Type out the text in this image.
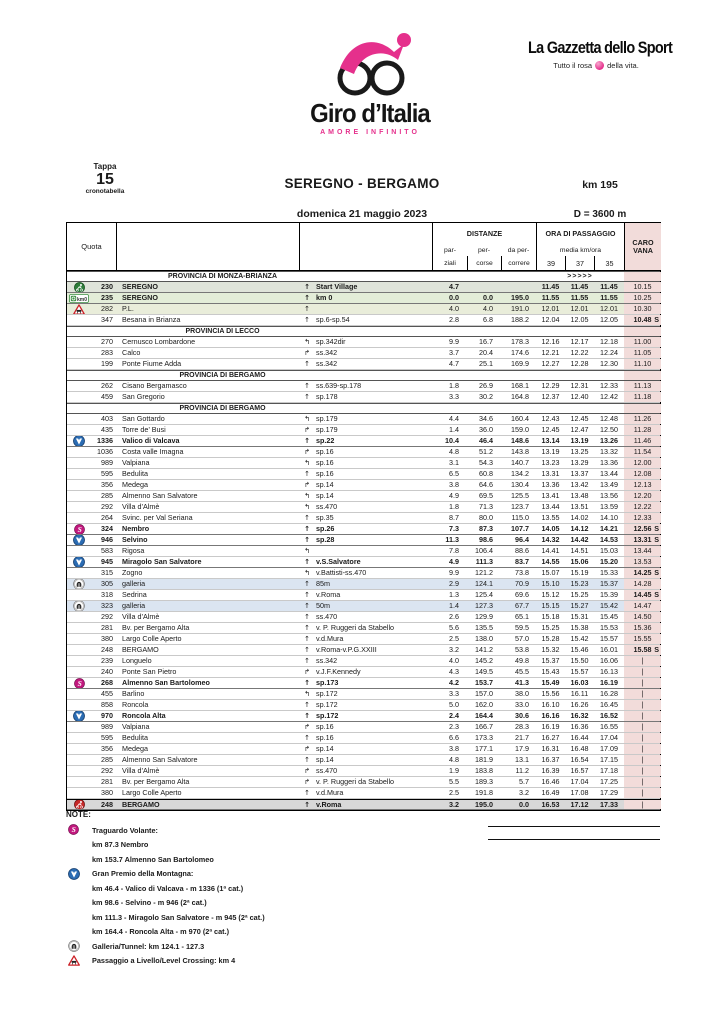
Giro d’Italia
AMORE INFINITO
La Gazzetta dello Sport
Tutto il rosa della vita.
Tappa
15
cronotabella
SEREGNO - BERGAMO
domenica 21 maggio 2023
km 195
D = 3600 m
Quota
DISTANZE
par-	per-	da per-
ziali	corse	correre
ORA DI PASSAGGIO
media km/ora
39	37	35
CARO
VANA
PROVINCIA DI MONZA-BRIANZA	>>>>>
230	SEREGNO	↑ Start Village	4.7	11.45	11.45	11.45	10.15
km0	235	SEREGNO	↑ km 0	0.0	0.0	195.0	11.55	11.55	11.55	10.25
282	P.L.	↑	4.0	4.0	191.0	12.01	12.01	12.01	10.30
347	Besana in Brianza	↑ sp.6-sp.54	2.8	6.8	188.2	12.04	12.05	12.05	10.48 S
PROVINCIA DI LECCO
270	Cernusco Lombardone	↰ sp.342dir	9.9	16.7	178.3	12.16	12.17	12.18	11.00
283	Calco	↱ ss.342	3.7	20.4	174.6	12.21	12.22	12.24	11.05
199	Ponte Fiume Adda	↑ ss.342	4.7	25.1	169.9	12.27	12.28	12.30	11.10
PROVINCIA DI BERGAMO
262	Cisano Bergamasco	↑ ss.639-sp.178	1.8	26.9	168.1	12.29	12.31	12.33	11.13
459	San Gregorio	↑ sp.178	3.3	30.2	164.8	12.37	12.40	12.42	11.18
PROVINCIA DI BERGAMO
403	San Gottardo	↰ sp.179	4.4	34.6	160.4	12.43	12.45	12.48	11.26
435	Torre de’ Busi	↱ sp.179	1.4	36.0	159.0	12.45	12.47	12.50	11.28
1336	Valico di Valcava	↑ sp.22	10.4	46.4	148.6	13.14	13.19	13.26	11.46
1036	Costa valle Imagna	↱ sp.16	4.8	51.2	143.8	13.19	13.25	13.32	11.54
989	Valpiana	↰ sp.16	3.1	54.3	140.7	13.23	13.29	13.36	12.00
595	Bedulita	↑ sp.16	6.5	60.8	134.2	13.31	13.37	13.44	12.08
356	Medega	↱ sp.14	3.8	64.6	130.4	13.36	13.42	13.49	12.13
285	Almenno San Salvatore	↰ sp.14	4.9	69.5	125.5	13.41	13.48	13.56	12.20
292	Villa d’Almè	↰ ss.470	1.8	71.3	123.7	13.44	13.51	13.59	12.22
264	Svinc. per Val Seriana	↑ sp.35	8.7	80.0	115.0	13.55	14.02	14.10	12.33
S	324	Nembro	↑ sp.26	7.3	87.3	107.7	14.05	14.12	14.21	12.56 S
946	Selvino	↑ sp.28	11.3	98.6	96.4	14.32	14.42	14.53	13.31 S
583	Rigosa	↰	7.8	106.4	88.6	14.41	14.51	15.03	13.44
945	Miragolo San Salvatore	↑ v.S.Salvatore	4.9	111.3	83.7	14.55	15.06	15.20	13.53
315	Zogno	↰ v.Battisti-ss.470	9.9	121.2	73.8	15.07	15.19	15.33	14.25 S
305	galleria	↑ 85m	2.9	124.1	70.9	15.10	15.23	15.37	14.28
318	Sedrina	↑ v.Roma	1.3	125.4	69.6	15.12	15.25	15.39	14.45 S
323	galleria	↑ 50m	1.4	127.3	67.7	15.15	15.27	15.42	14.47
292	Villa d’Almè	↑ ss.470	2.6	129.9	65.1	15.18	15.31	15.45	14.50
281	Bv. per Bergamo Alta	↑ v. P. Ruggeri da Stabello	5.6	135.5	59.5	15.25	15.38	15.53	15.36
380	Largo Colle Aperto	↑ v.d.Mura	2.5	138.0	57.0	15.28	15.42	15.57	15.55
248	BERGAMO	↑ v.Roma-v.P.G.XXIII	3.2	141.2	53.8	15.32	15.46	16.01	15.58 S
239	Longuelo	↑ ss.342	4.0	145.2	49.8	15.37	15.50	16.06	|
240	Ponte San Pietro	↱ v.J.F.Kennedy	4.3	149.5	45.5	15.43	15.57	16.13	|
S	268	Almenno San Bartolomeo	↑ sp.173	4.2	153.7	41.3	15.49	16.03	16.19	|
455	Barlino	↰ sp.172	3.3	157.0	38.0	15.56	16.11	16.28	|
858	Roncola	↑ sp.172	5.0	162.0	33.0	16.10	16.26	16.45	|
970	Roncola Alta	↑ sp.172	2.4	164.4	30.6	16.16	16.32	16.52	|
989	Valpiana	↱ sp.16	2.3	166.7	28.3	16.19	16.36	16.55	|
595	Bedulita	↑ sp.16	6.6	173.3	21.7	16.27	16.44	17.04	|
356	Medega	↱ sp.14	3.8	177.1	17.9	16.31	16.48	17.09	|
285	Almenno San Salvatore	↑ sp.14	4.8	181.9	13.1	16.37	16.54	17.15	|
292	Villa d’Almè	↱ ss.470	1.9	183.8	11.2	16.39	16.57	17.18	|
281	Bv. per Bergamo Alta	↱ v. P. Ruggeri da Stabello	5.5	189.3	5.7	16.46	17.04	17.25	|
380	Largo Colle Aperto	↑ v.d.Mura	2.5	191.8	3.2	16.49	17.08	17.29	|
248	BERGAMO	↑ v.Roma	3.2	195.0	0.0	16.53	17.12	17.33	|
NOTE:
S Traguardo Volante:
km 87.3 Nembro
km 153.7 Almenno San Bartolomeo
Gran Premio della Montagna:
km 46.4 - Valico di Valcava - m 1336 (1ª cat.)
km 98.6 - Selvino - m 946 (2ª cat.)
km 111.3 - Miragolo San Salvatore - m 945 (2ª cat.)
km 164.4 - Roncola Alta - m 970 (2ª cat.)
Galleria/Tunnel: km 124.1 - 127.3
Passaggio a Livello/Level Crossing: km 4
